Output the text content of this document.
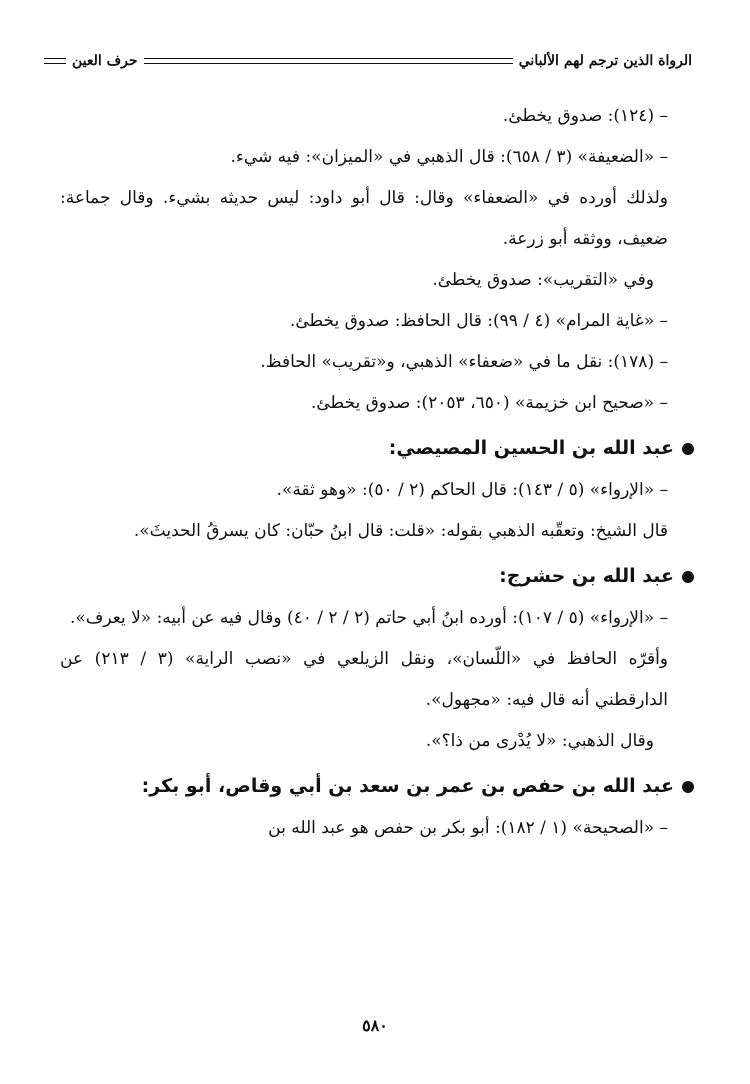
الرواة الذين ترجم لهم الألباني
حرف العين

– (١٢٤): صدوق يخطئ.

– «الضعيفة» (٣ / ٦٥٨): قال الذهبي في «الميزان»: فيه شيء.

ولذلك أورده في «الضعفاء» وقال: قال أبو داود: ليس حديثه بشيء. وقال جماعة: ضعيف، ووثقه أبو زرعة.

وفي «التقريب»: صدوق يخطئ.

– «غاية المرام» (٤ / ٩٩): قال الحافظ: صدوق يخطئ.

– (١٧٨): نقل ما في «ضعفاء» الذهبي، و«تقريب» الحافظ.

– «صحيح ابن خزيمة» (٦٥٠، ٢٠٥٣): صدوق يخطئ.

عبد الله بن الحسين المصيصي:

– «الإرواء» (٥ / ١٤٣): قال الحاكم (٢ / ٥٠): «وهو ثقة».

قال الشيخ: وتعقّبه الذهبي بقوله: «قلت: قال ابنُ حبّان: كان يسرقُ الحديثَ».

عبد الله بن حشرج:

– «الإرواء» (٥ / ١٠٧): أورده ابنُ أبي حاتم (٢ / ٢ / ٤٠) وقال فيه عن أبيه: «لا يعرف».

وأقرّه الحافظ في «اللّسان»، ونقل الزيلعي في «نصب الراية» (٣ / ٢١٣) عن الدارقطني أنه قال فيه: «مجهول».

وقال الذهبي: «لا يُدْرى من ذا؟».

عبد الله بن حفص بن عمر بن سعد بن أبي وقاص، أبو بكر:

– «الصحيحة» (١ / ١٨٢): أبو بكر بن حفص هو عبد الله بن

٥٨٠
